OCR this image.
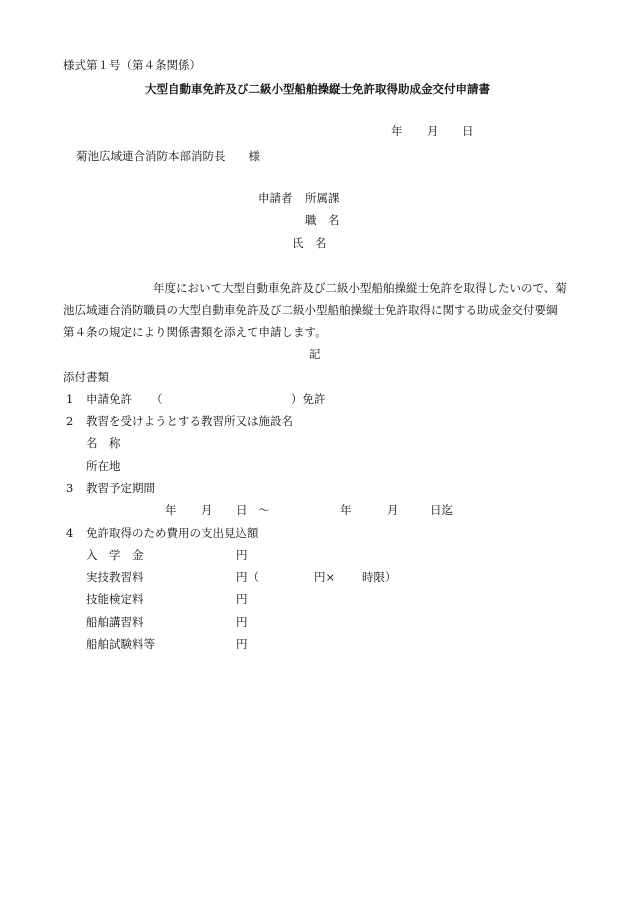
様式第１号（第４条関係）
大型自動車免許及び二級小型船舶操縦士免許取得助成金交付申請書
年 月 日
菊池広域連合消防本部消防長　　様
申請者 所属課
職　名
氏　名
年度において大型自動車免許及び二級小型船舶操縦士免許を取得したいので、菊
池広域連合消防職員の大型自動車免許及び二級小型船舶操縦士免許取得に関する助成金交付要綱
第４条の規定により関係書類を添えて申請します。
記
添付書類
1 申請免許 （	）免許
2 教習を受けようとする教習所又は施設名
名　称
所在地
3 教習予定期間
年 月 日 〜	年	月	日迄
4 免許取得のため費用の支出見込額
入　学　金	円
実技教習料	円（	円× 時限）
技能検定料	円
船舶講習料	円
船舶試験料等	円
